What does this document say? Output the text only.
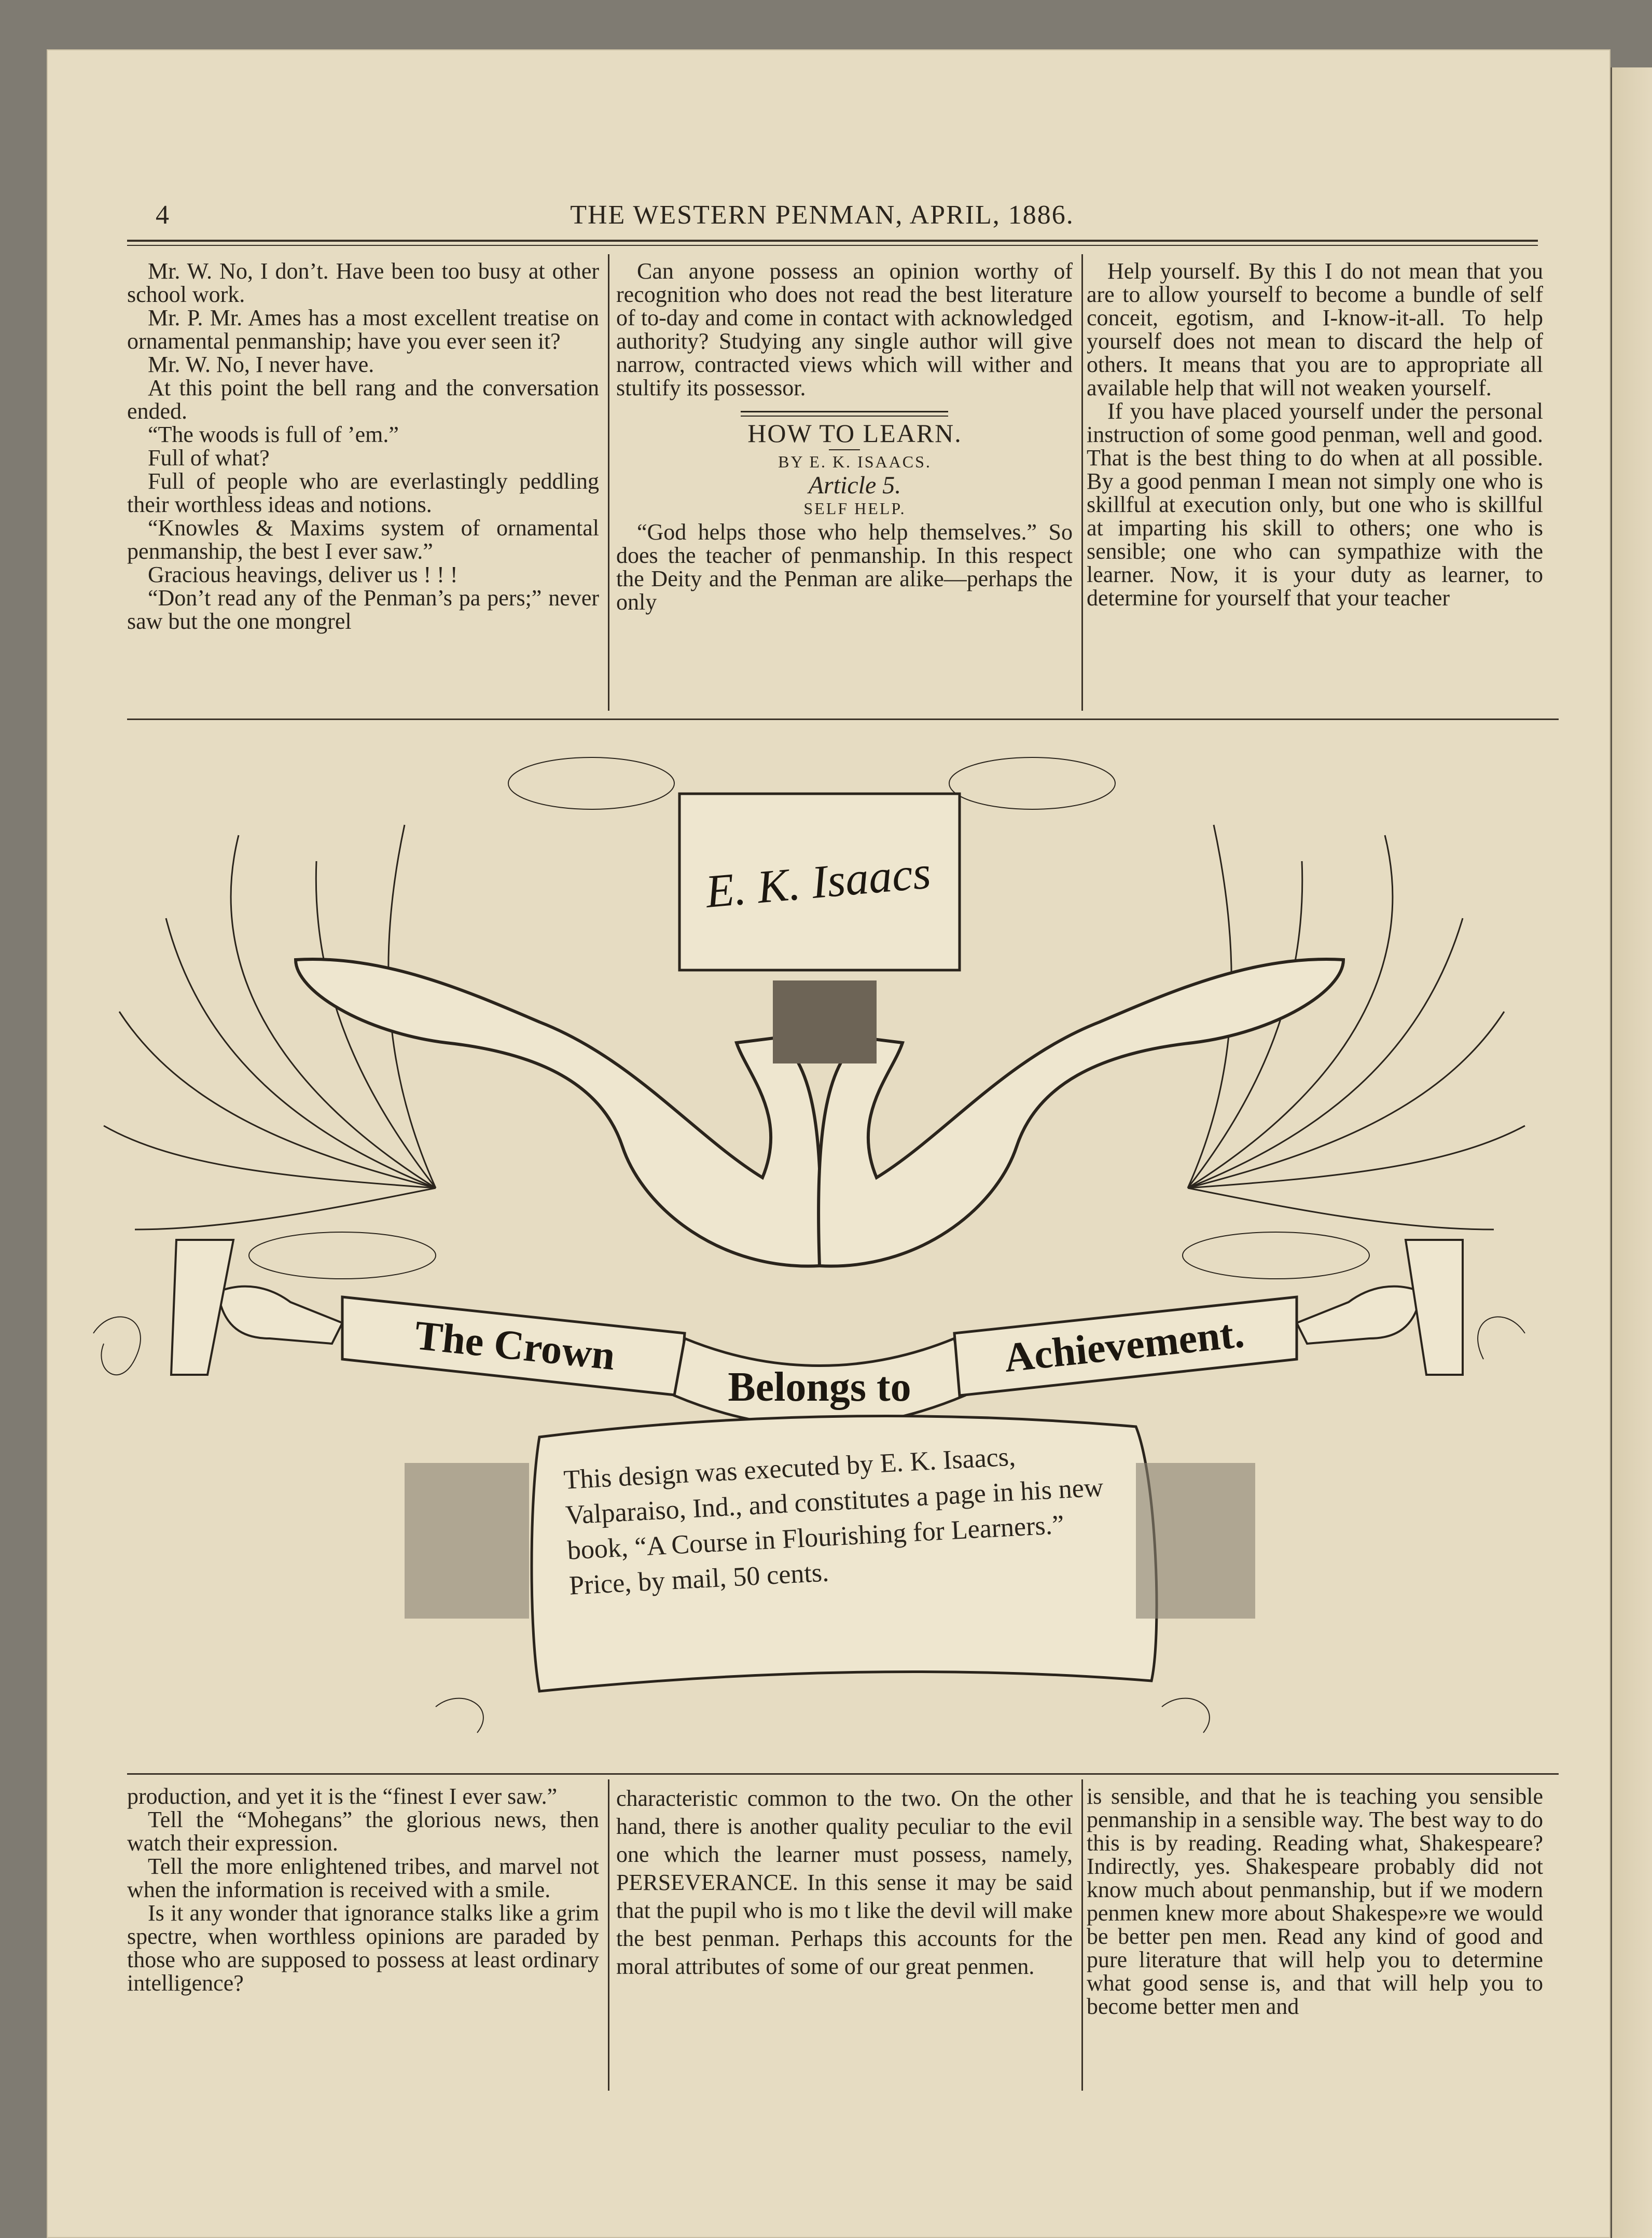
4	THE WESTERN PENMAN, APRIL, 1886.

Mr. W. No, I don’t. Have been too busy at other school work.

Mr. P. Mr. Ames has a most excellent treatise on ornamental penmanship; have you ever seen it?

Mr. W. No, I never have.

At this point the bell rang and the conversation ended.

“The woods is full of ’em.”

Full of what?

Full of people who are everlastingly peddling their worthless ideas and notions.

“Knowles & Maxims system of ornamental penmanship, the best I ever saw.”

Gracious heavings, deliver us ! ! !

“Don’t read any of the Penman’s pa pers;” never saw but the one mongrel

Can anyone possess an opinion worthy of recognition who does not read the best literature of to-day and come in contact with acknowledged authority? Studying any single author will give narrow, contracted views which will wither and stultify its possessor.

HOW TO LEARN.

BY E. K. ISAACS.

Article 5.

SELF HELP.

“God helps those who help themselves.” So does the teacher of penmanship. In this respect the Deity and the Penman are alike—perhaps the only

Help yourself. By this I do not mean that you are to allow yourself to become a bundle of self conceit, egotism, and I-know-it-all. To help yourself does not mean to discard the help of others. It means that you are to appropriate all available help that will not weaken yourself.

If you have placed yourself under the personal instruction of some good penman, well and good. That is the best thing to do when at all possible. By a good penman I mean not simply one who is skillful at execution only, but one who is skillful at imparting his skill to others; one who is sensible; one who can sympathize with the learner. Now, it is your duty as learner, to determine for yourself that your teacher

E. K. Isaacs
The Crown
Belongs to
Achievement.
This design was executed by E. K. Isaacs, Valparaiso, Ind., and constitutes a page in his new book, “A Course in Flourishing for Learners.” Price, by mail, 50 cents.

production, and yet it is the “finest I ever saw.”

Tell the “Mohegans” the glorious news, then watch their expression.

Tell the more enlightened tribes, and marvel not when the information is received with a smile.

Is it any wonder that ignorance stalks like a grim spectre, when worthless opinions are paraded by those who are supposed to possess at least ordinary intelligence?

characteristic common to the two. On the other hand, there is another quality peculiar to the evil one which the learner must possess, namely, PERSEVERANCE. In this sense it may be said that the pupil who is mo t like the devil will make the best penman. Perhaps this accounts for the moral attributes of some of our great penmen.

is sensible, and that he is teaching you sensible penmanship in a sensible way. The best way to do this is by reading. Reading what, Shakespeare? Indirectly, yes. Shakespeare probably did not know much about penmanship, but if we modern penmen knew more about Shakespe»re we would be better pen men. Read any kind of good and pure literature that will help you to determine what good sense is, and that will help you to become better men and
